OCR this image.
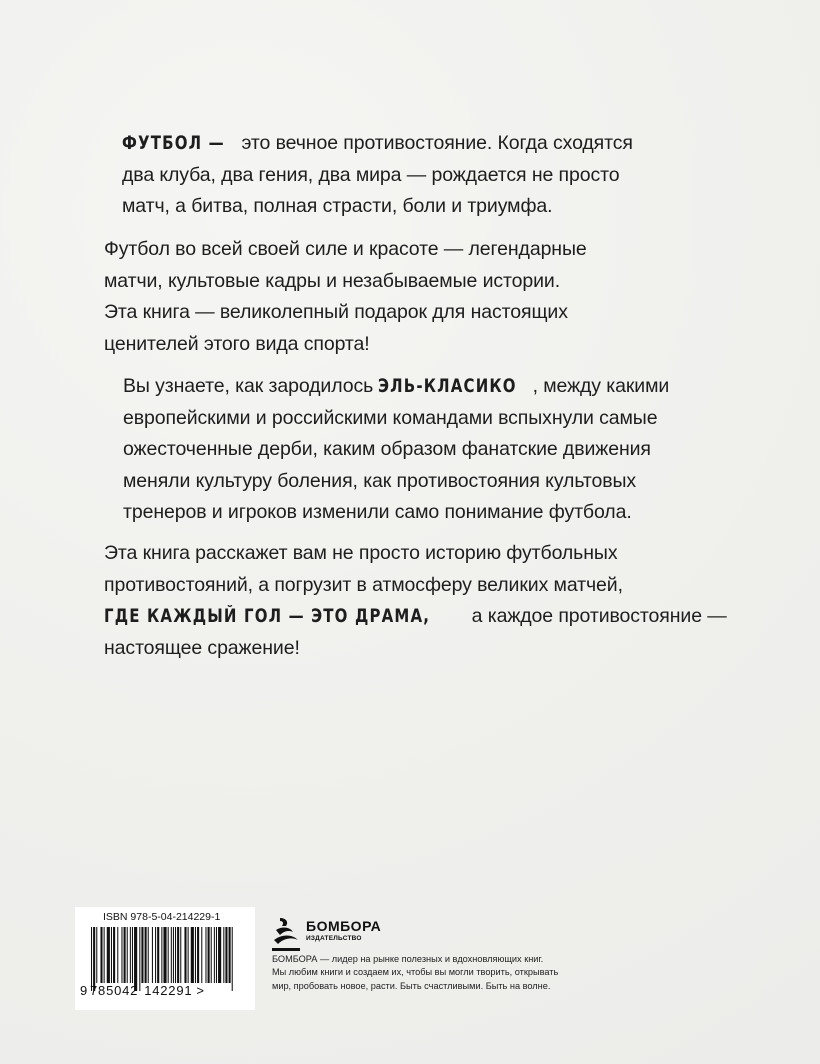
ФУТБОЛ — это вечное противостояние. Когда сходятся
два клуба, два гения, два мира — рождается не просто
матч, а битва, полная страсти, боли и триумфа.
Футбол во всей своей силе и красоте — легендарные
матчи, культовые кадры и незабываемые истории.
Эта книга — великолепный подарок для настоящих
ценителей этого вида спорта!
Вы узнаете, как зародилось ЭЛЬ-КЛАСИКО , между какими
европейскими и российскими командами вспыхнули самые
ожесточенные дерби, каким образом фанатские движения
меняли культуру боления, как противостояния культовых
тренеров и игроков изменили само понимание футбола.
Эта книга расскажет вам не просто историю футбольных
противостояний, а погрузит в атмосферу великих матчей,
ГДЕ КАЖДЫЙ ГОЛ — ЭТО ДРАМА, а каждое противостояние —
настоящее сражение!
ISBN 978-5-04-214229-1
9 785042 142291 >
БОМБОРА
ИЗДАТЕЛЬСТВО
БОМБОРА — лидер на рынке полезных и вдохновляющих книг.
Мы любим книги и создаем их, чтобы вы могли творить, открывать
мир, пробовать новое, расти. Быть счастливыми. Быть на волне.
